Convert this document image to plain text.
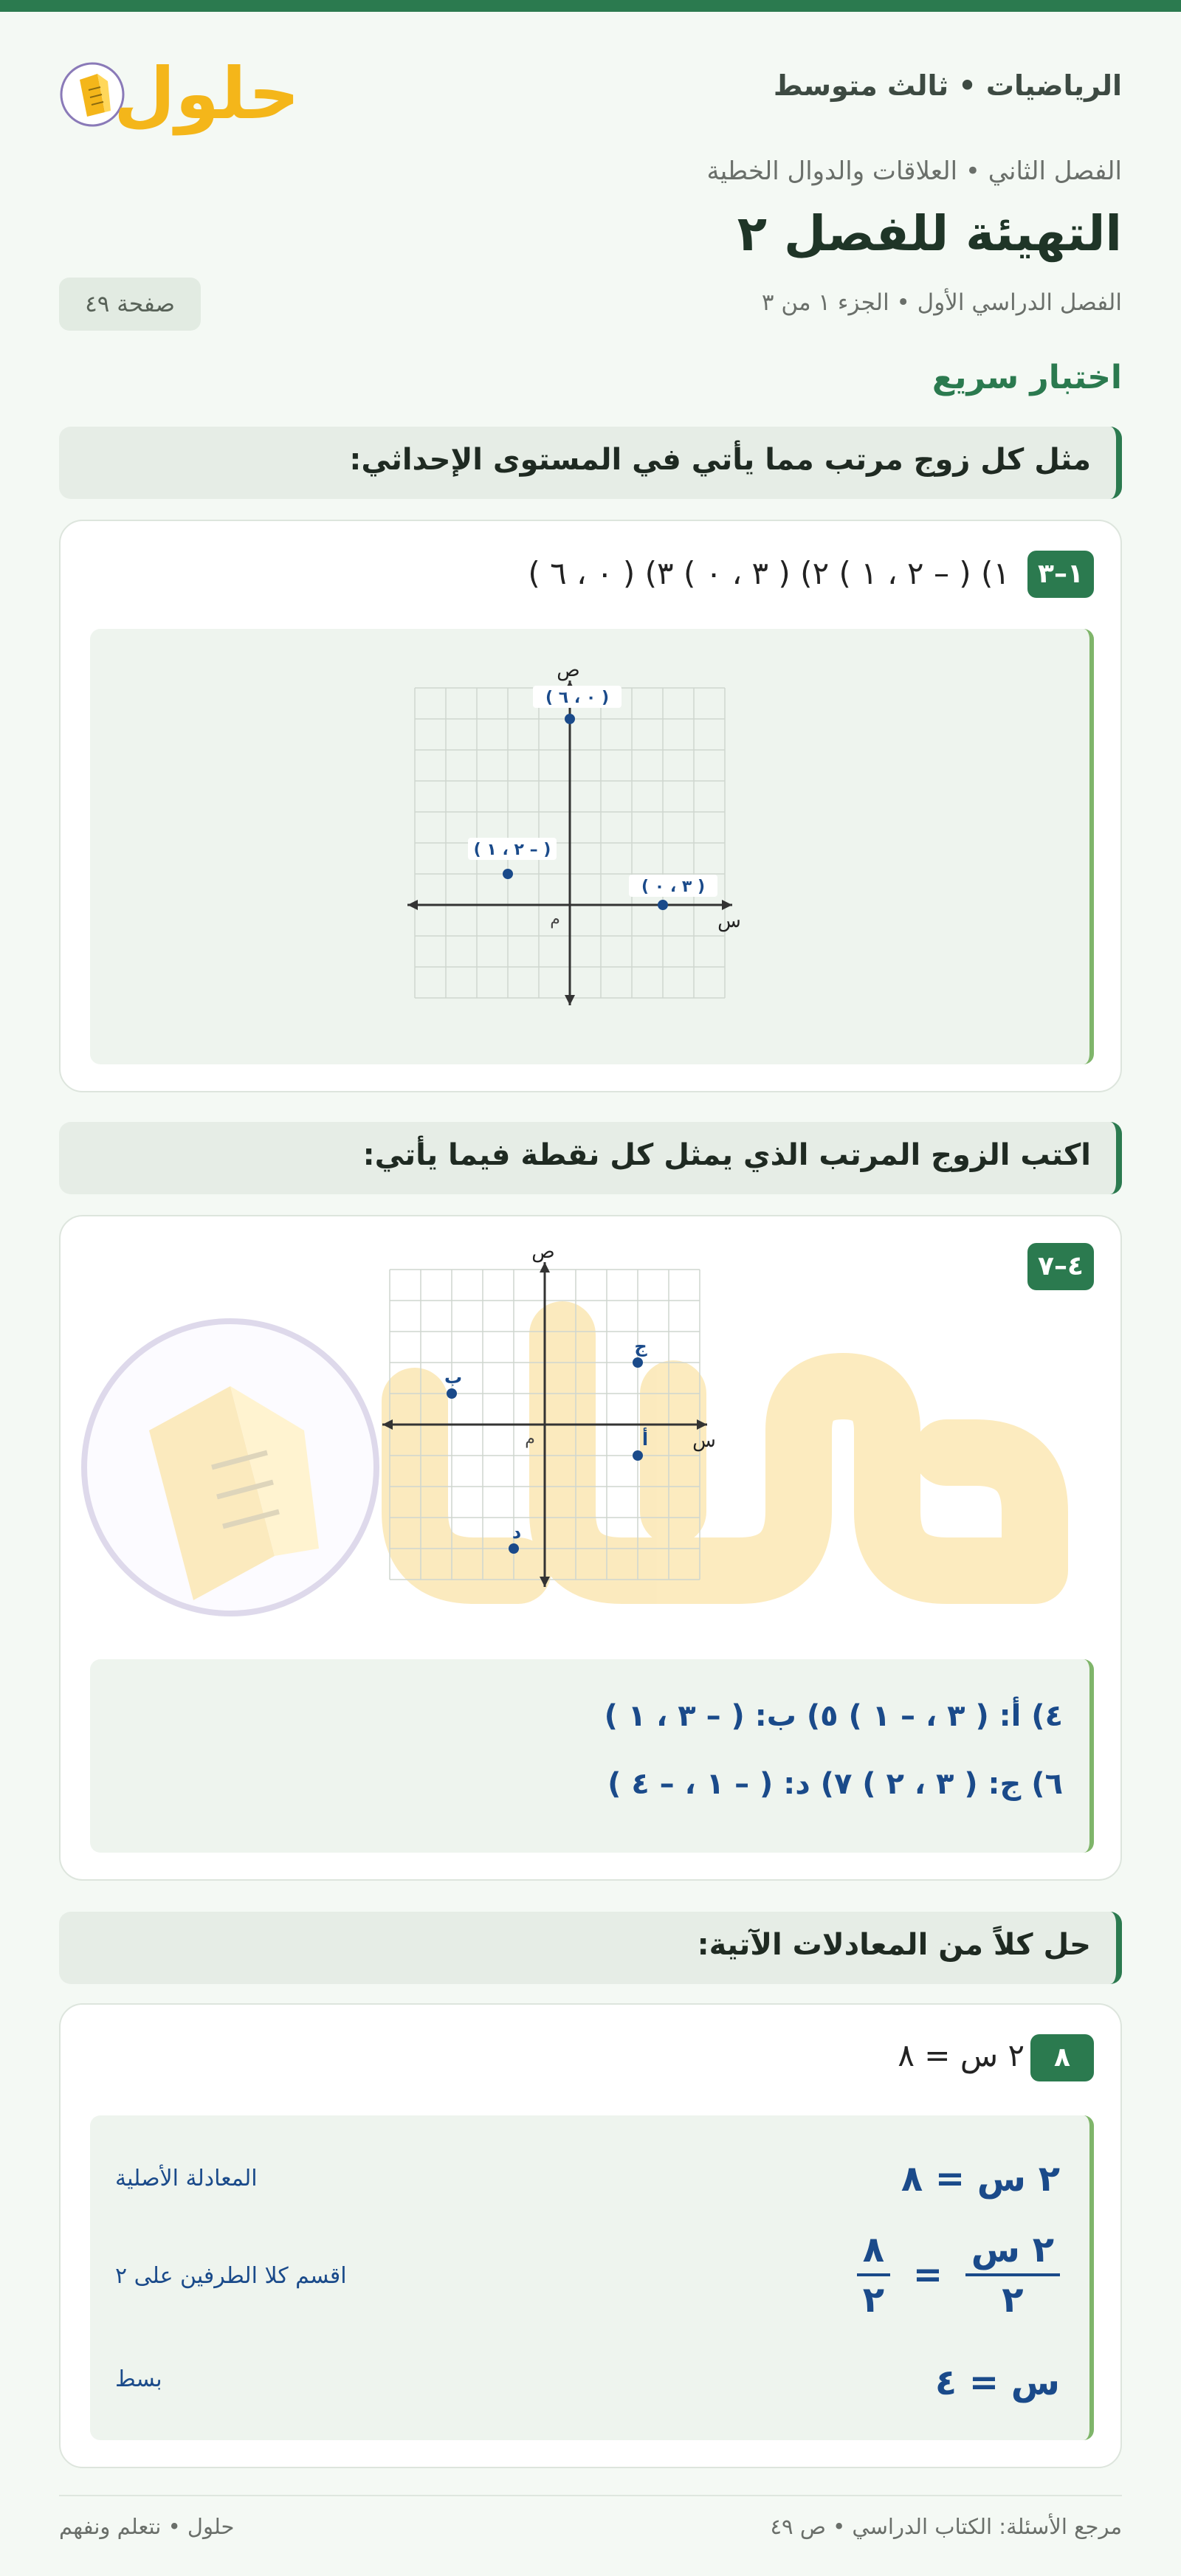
الرياضيات • ثالث متوسط
حلول
الفصل الثاني • العلاقات والدوال الخطية
التهيئة للفصل ٢
الفصل الدراسي الأول • الجزء ١ من ٣
صفحة ٤٩
اختبار سريع
مثل كل زوج مرتب مما يأتي في المستوى الإحداثي:
١–٣
١) ( – ٢ ، ١ ) ٢) ( ٣ ، ٠ ) ٣) ( ٠ ، ٦ )
س
ص
م
( – ٢ ، ١ )
( ٣ ، ٠ )
( ٠ ، ٦ )
اكتب الزوج المرتب الذي يمثل كل نقطة فيما يأتي:
٤–٧
س
ص
م	أ
ب
ج
د
٤) أ: ( ٣ ، – ١ ) ٥) ب: ( – ٣ ، ١ )
٦) ج: ( ٣ ، ٢ ) ٧) د: ( – ١ ، – ٤ )
حل كلاً من المعادلات الآتية:
٨
٢ س = ٨
٢ س = ٨
المعادلة الأصلية
$\frac{\text{٢ س}}{٢}$
=
$\frac{٨}{٢}$
اقسم كلا الطرفين على ٢
س = ٤
بسط
مرجع الأسئلة: الكتاب الدراسي • ص ٤٩
حلول • نتعلم ونفهم
